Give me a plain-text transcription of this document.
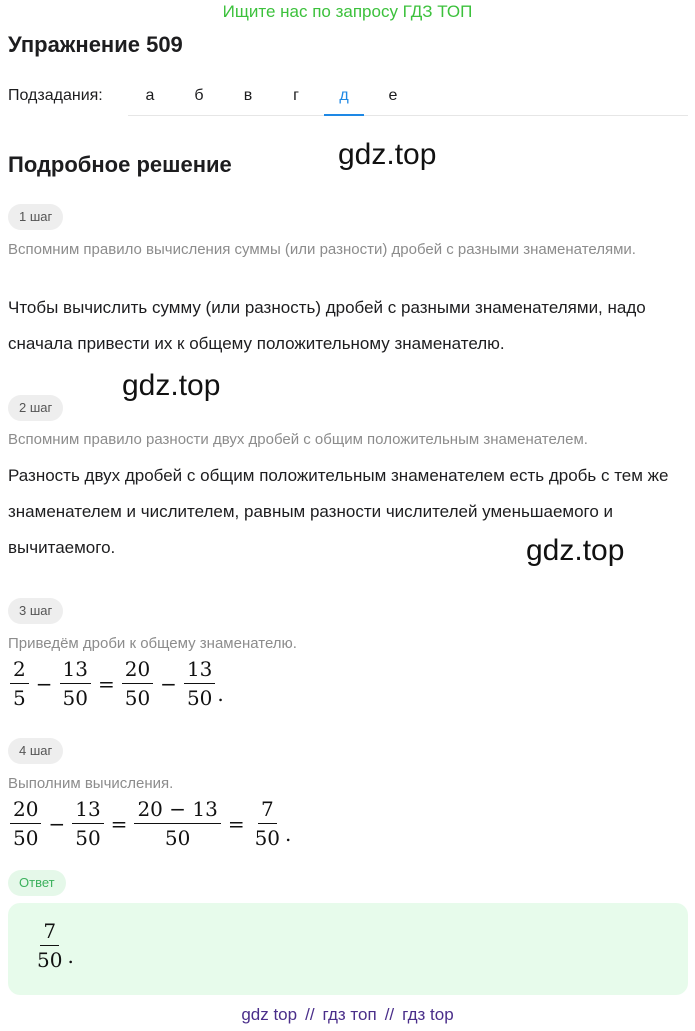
Ищите нас по запросу ГДЗ ТОП
Упражнение 509
Подзадания:	а	б	в	г	д	е
Подробное решение	gdz.top
gdz.top
gdz.top
1 шаг
Вспомним правило вычисления суммы (или разности) дробей с разными знаменателями.
Чтобы вычислить сумму (или разность) дробей с разными знаменателями, надо сначала привести их к общему положительному знаменателю.
2 шаг
Вспомним правило разности двух дробей с общим положительным знаменателем.
Разность двух дробей с общим положительным знаменателем есть дробь с тем же знаменателем и числителем, равным разности числителей уменьшаемого и вычитаемого.
3 шаг
Приведём дроби к общему знаменателю.
$\frac{2}{5} - \frac{13}{50} = \frac{20}{50} - \frac{13}{50}$ .
4 шаг
Выполним вычисления.
$\frac{20}{50} - \frac{13}{50} = \frac{20 - 13}{50} = \frac{7}{50}$ .
Ответ
$\frac{7}{50}$ .
gdz top // гдз топ // гдз top
